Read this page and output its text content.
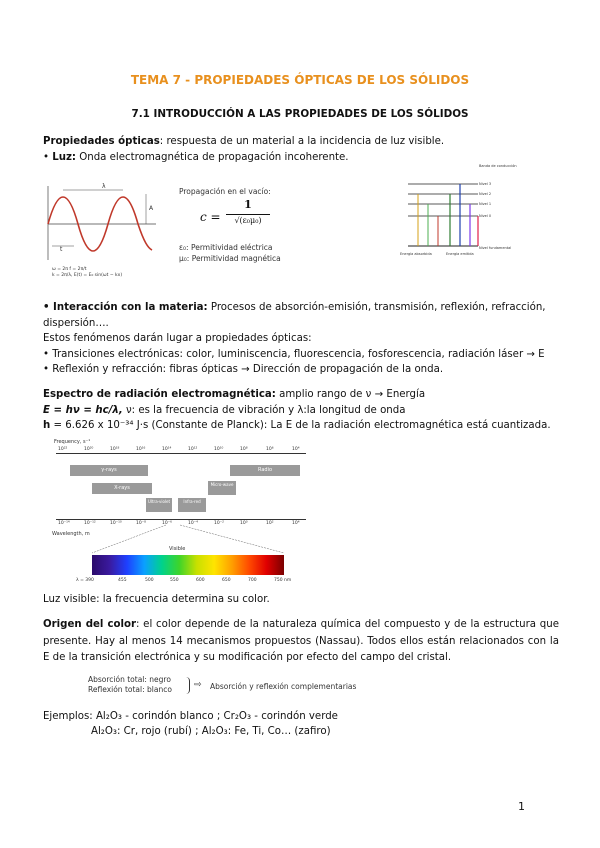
TEMA 7 - PROPIEDADES ÓPTICAS DE LOS SÓLIDOS
7.1 INTRODUCCIÓN A LAS PROPIEDADES DE LOS SÓLIDOS
Propiedades ópticas: respuesta de un material a la incidencia de luz visible.
• Luz: Onda electromagnética de propagación incoherente.
λ
A
t
ω = 2π f = 2π/t
k = 2π/λ, E(t) = E₀ sin(ωt − kx)
Propagación en el vacío:
c =
1
√(ε₀μ₀)
ε₀: Permitividad eléctrica
μ₀: Permitividad magnética
Banda de conducción
Nivel 3
Nivel 2
Nivel 1
Nivel 0
Energía absorbida	Energía emitida
Nivel fundamental
• Interacción con la materia: Procesos de absorción-emisión, transmisión, reflexión, refracción,
dispersión….
Estos fenómenos darán lugar a propiedades ópticas:
• Transiciones electrónicas: color, luminiscencia, fluorescencia, fosforescencia, radiación láser → E
• Reflexión y refracción: fibras ópticas → Dirección de propagación de la onda.
Espectro de radiación electromagnética: amplio rango de ν → Energía
E = hν = hc/λ, ν: es la frecuencia de vibración y λ:la longitud de onda
h = 6.626 x 10⁻³⁴ J·s (Constante de Planck): La E de la radiación electromagnética está cuantizada.
Frequency, s⁻¹
10²²	10²⁰	10¹⁸	10¹⁶	10¹⁴	10¹²	10¹⁰	10⁸	10⁶	10⁴
γ-rays
X-rays
Ultra-violet	Infra-red
Micro-wave
Radio
10⁻¹⁴	10⁻¹²	10⁻¹⁰	10⁻⁸	10⁻⁶	10⁻⁴	10⁻²	10⁰	10²	10⁴
Wavelength, m
Visible
λ = 390	455	500	550	600	650	700	750 nm
Luz visible: la frecuencia determina su color.
Origen del color: el color depende de la naturaleza química del compuesto y de la estructura que presente. Hay al menos 14 mecanismos propuestos (Nassau). Todos ellos están relacionados con la E de la transición electrónica y su modificación por efecto del campo del cristal.
Absorción total: negro
Reflexión total: blanco ⇨ Absorción y reflexión complementarias
Ejemplos: Al₂O₃ - corindón blanco ; Cr₂O₃ - corindón verde
Al₂O₃: Cr, rojo (rubí) ; Al₂O₃: Fe, Ti, Co… (zafiro)
1
